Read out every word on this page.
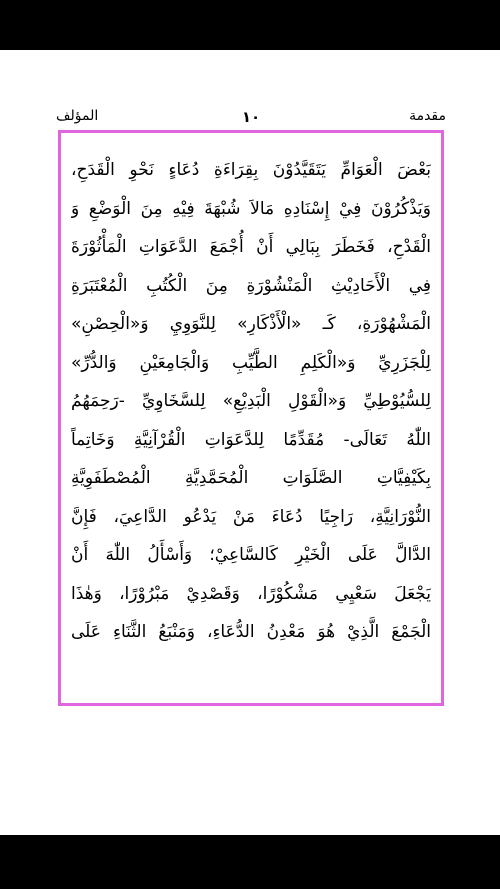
مقدمة
١٠
المؤلف
بَعْضَ الْعَوَامِّ يَتَقَيَّدُوْنَ بِقِرَاءَةِ دُعَاءٍ نَحْوِ الْقَدَحِ،
وَيَذْكُرُوْنَ فِيْ إِسْنَادِهِ مَالاَ شُبْهَةَ فِيْهِ مِنَ الْوَضْعِ وَ
الْقَدْحِ، فَخَطَرَ بِبَالِي أَنْ أُجْمَعَ الدَّعَوَاتِ الْمَأْثُوْرَةَ
فِي الْأَحَادِيْثِ الْمَنْشُوْرَةِ مِنَ الْكُتُبِ الْمُعْتَبَرَةِ
الْمَشْهُوْرَةِ، كَـ «الْأَذْكَارِ» لِلنَّوَوِيِ وَ«الْحِصْنِ»
لِلْجَزَرِيِّ وَ«الْكَلِمِ الطَّيِّبِ وَالْجَامِعَيْنِ وَالدُّرِّ»
لِلسُّيُوْطِيِّ وَ«الْقَوْلِ الْبَدِيْعِ» لِلسَّخَاوِيِّ -رَحِمَهُمُ
اللّٰهُ تَعَالَى- مُقَدِّمًا لِلدَّعَوَاتِ الْقُرْآنِيَّةِ وَخَاتِماً
بِكَيْفِيَّاتِ الصَّلَوَاتِ الْمُحَمَّدِيَّةِ الْمُصْطَفَوِيَّةِ
النُّوْرَانِيَّةِ، رَاجِيًا دُعَاءَ مَنْ يَدْعُو الدَّاعِيَ، فَإِنَّ
الدَّالَّ عَلَى الْخَيْرِ كَالسَّاعِيْ؛ وَأَسْأَلُ اللّٰهَ أَنْ
يَجْعَلَ سَعْيِي مَشْكُوْرًا، وَقَصْدِيْ مَبْرُوْرًا، وَهٰذَا
الْجَمْعَ الَّذِيْ هُوَ مَعْدِنُ الدُّعَاءِ، وَمَنْبَعُ الثَّنَاءِ عَلَى
